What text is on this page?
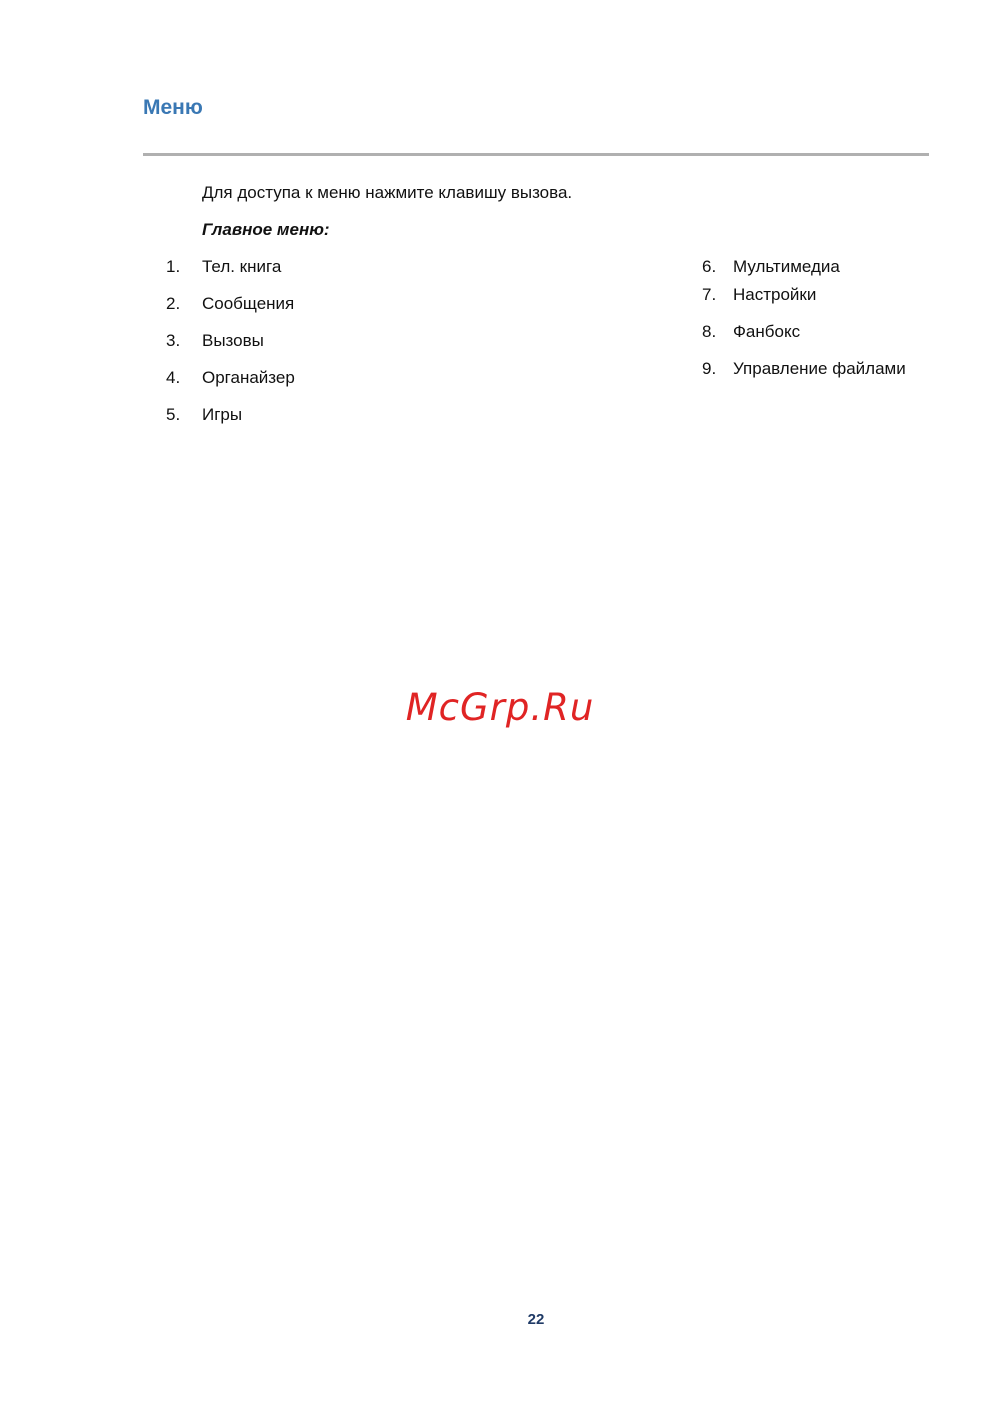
Меню

Для доступа к меню нажмите клавишу вызова.

Главное меню:

1. Тел. книга
2. Сообщения
3. Вызовы
4. Органайзер
5. Игры
6. Мультимедиа
7. Настройки
8. Фанбокс
9. Управление файлами
McGrp.Ru
22
